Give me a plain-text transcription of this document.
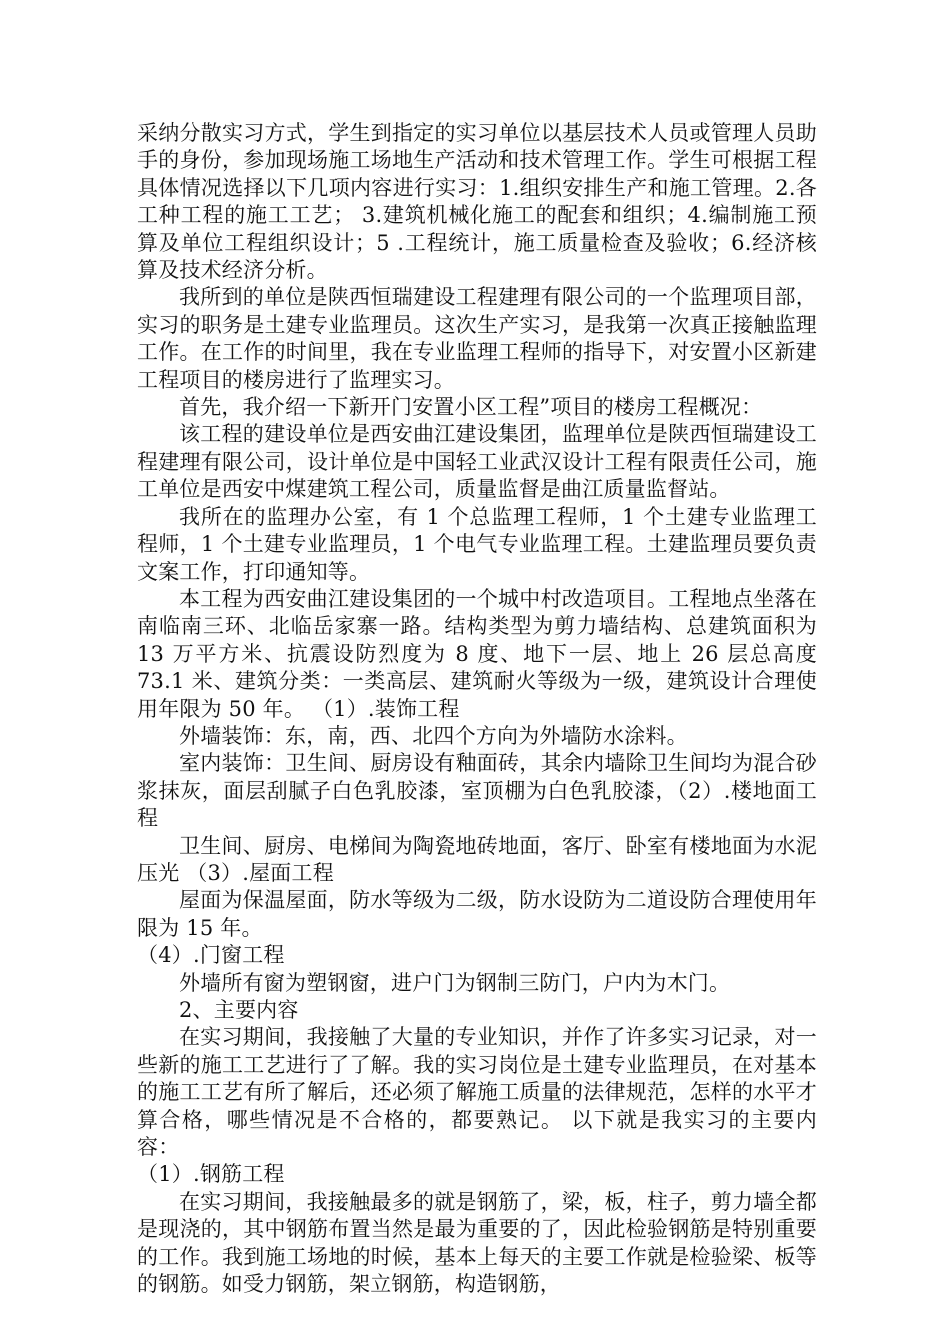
采纳分散实习方式，学生到指定的实习单位以基层技术人员或管理人员助手的身份，参加现场施工场地生产活动和技术管理工作。学生可根据工程具体情况选择以下几项内容进行实习：1.组织安排生产和施工管理。2.各工种工程的施工工艺； 3.建筑机械化施工的配套和组织；4.编制施工预算及单位工程组织设计；5 .工程统计，施工质量检查及验收；6.经济核算及技术经济分析。

我所到的单位是陕西恒瑞建设工程建理有限公司的一个监理项目部，实习的职务是土建专业监理员。这次生产实习，是我第一次真正接触监理工作。在工作的时间里，我在专业监理工程师的指导下，对安置小区新建工程项目的楼房进行了监理实习。

首先，我介绍一下新开门安置小区工程”项目的楼房工程概况：

该工程的建设单位是西安曲江建设集团，监理单位是陕西恒瑞建设工程建理有限公司，设计单位是中国轻工业武汉设计工程有限责任公司，施工单位是西安中煤建筑工程公司，质量监督是曲江质量监督站。

我所在的监理办公室，有 1 个总监理工程师，1 个土建专业监理工程师，1 个土建专业监理员，1 个电气专业监理工程。土建监理员要负责文案工作，打印通知等。

本工程为西安曲江建设集团的一个城中村改造项目。工程地点坐落在南临南三环、北临岳家寨一路。结构类型为剪力墙结构、总建筑面积为 13 万平方米、抗震设防烈度为 8 度、地下一层、地上 26 层总高度 73.1 米、建筑分类：一类高层、建筑耐火等级为一级，建筑设计合理使用年限为 50 年。 （1）.装饰工程

外墙装饰：东，南，西、北四个方向为外墙防水涂料。

室内装饰：卫生间、厨房设有釉面砖，其余内墙除卫生间均为混合砂浆抹灰，面层刮腻子白色乳胶漆，室顶棚为白色乳胶漆，（2）.楼地面工程

卫生间、厨房、电梯间为陶瓷地砖地面，客厅、卧室有楼地面为水泥压光 （3）.屋面工程

屋面为保温屋面，防水等级为二级，防水设防为二道设防合理使用年限为 15 年。

（4）.门窗工程

外墙所有窗为塑钢窗，进户门为钢制三防门，户内为木门。

2、主要内容

在实习期间，我接触了大量的专业知识，并作了许多实习记录，对一些新的施工工艺进行了了解。我的实习岗位是土建专业监理员，在对基本的施工工艺有所了解后，还必须了解施工质量的法律规范，怎样的水平才算合格，哪些情况是不合格的，都要熟记。 以下就是我实习的主要内容：

（1）.钢筋工程

在实习期间，我接触最多的就是钢筋了，梁，板，柱子，剪力墙全都是现浇的，其中钢筋布置当然是最为重要的了，因此检验钢筋是特别重要的工作。我到施工场地的时候，基本上每天的主要工作就是检验梁、板等的钢筋。如受力钢筋，架立钢筋，构造钢筋，
